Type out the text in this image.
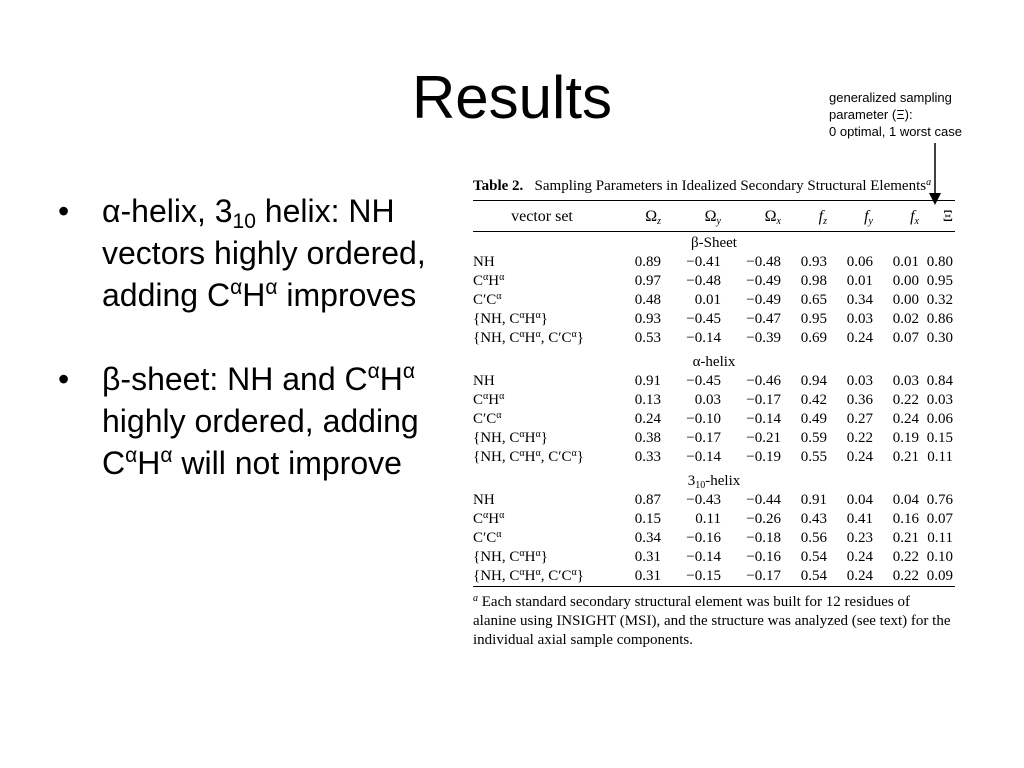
Results	generalized sampling
parameter (Ξ):
0 optimal, 1 worst case
• α-helix, $3_{10}$ helix: NH vectors highly ordered, adding $C^\alpha H^\alpha$ improves
• β-sheet: NH and $C^\alpha H^\alpha$ highly ordered, adding $C^\alpha H^\alpha$ will not improve
Table 2. Sampling Parameters in Idealized Secondary Structural Elements$^a$
vector set	$\Omega_z$	$\Omega_y$	$\Omega_x$	$f_z$	$f_y$	$f_x$	Ξ

β-Sheet							
NH	0.89	−0.41	−0.48	0.93	0.06	0.01	0.80
$C^\alpha H^\alpha$	0.97	−0.48	−0.49	0.98	0.01	0.00	0.95
$C'C^\alpha$	0.48	0.01	−0.49	0.65	0.34	0.00	0.32
{NH, $C^\alpha H^\alpha$}	0.93	−0.45	−0.47	0.95	0.03	0.02	0.86
{NH, $C^\alpha H^\alpha$, $C'C^\alpha$}	0.53	−0.14	−0.39	0.69	0.24	0.07	0.30

α-helix							
NH	0.91	−0.45	−0.46	0.94	0.03	0.03	0.84
$C^\alpha H^\alpha$	0.13	0.03	−0.17	0.42	0.36	0.22	0.03
$C'C^\alpha$	0.24	−0.10	−0.14	0.49	0.27	0.24	0.06
{NH, $C^\alpha H^\alpha$}	0.38	−0.17	−0.21	0.59	0.22	0.19	0.15
{NH, $C^\alpha H^\alpha$, $C'C^\alpha$}	0.33	−0.14	−0.19	0.55	0.24	0.21	0.11

$3_{10}$-helix							
NH	0.87	−0.43	−0.44	0.91	0.04	0.04	0.76
$C^\alpha H^\alpha$	0.15	0.11	−0.26	0.43	0.41	0.16	0.07
$C'C^\alpha$	0.34	−0.16	−0.18	0.56	0.23	0.21	0.11
{NH, $C^\alpha H^\alpha$}	0.31	−0.14	−0.16	0.54	0.24	0.22	0.10
{NH, $C^\alpha H^\alpha$, $C'C^\alpha$}	0.31	−0.15	−0.17	0.54	0.24	0.22	0.09
$^a$ Each standard secondary structural element was built for 12 residues of alanine using INSIGHT (MSI), and the structure was analyzed (see text) for the individual axial sample components.
